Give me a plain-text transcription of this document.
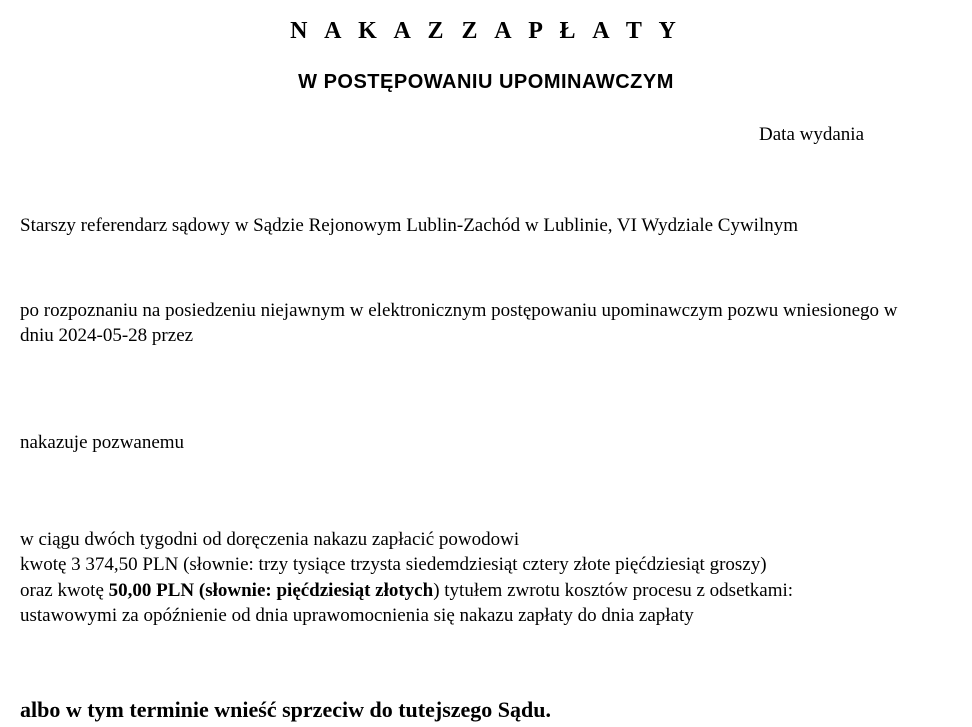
N A K A Z Z A P Ł A T Y
W POSTĘPOWANIU UPOMINAWCZYM
Data wydania

Starszy referendarz sądowy w Sądzie Rejonowym Lublin-Zachód w Lublinie, VI Wydziale Cywilnym

po rozpoznaniu na posiedzeniu niejawnym w elektronicznym postępowaniu upominawczym pozwu wniesionego w
dniu 2024-05-28 przez

nakazuje pozwanemu

w ciągu dwóch tygodni od doręczenia nakazu zapłacić powodowi
kwotę 3 374,50 PLN (słownie: trzy tysiące trzysta siedemdziesiąt cztery złote pięćdziesiąt groszy)
oraz kwotę 50,00 PLN (słownie: pięćdziesiąt złotych) tytułem zwrotu kosztów procesu z odsetkami:
ustawowymi za opóźnienie od dnia uprawomocnienia się nakazu zapłaty do dnia zapłaty

albo w tym terminie wnieść sprzeciw do tutejszego Sądu.
